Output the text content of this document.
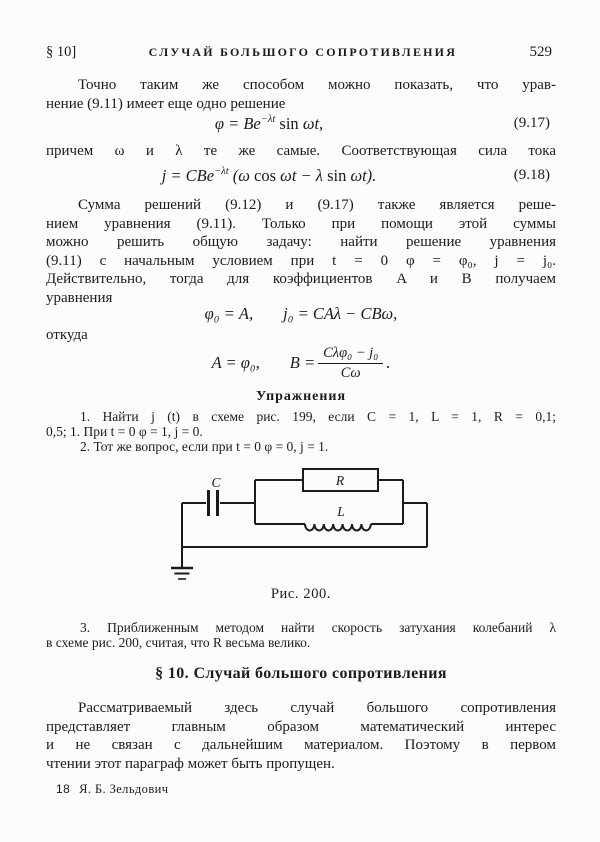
§ 10]	СЛУЧАЙ БОЛЬШОГО СОПРОТИВЛЕНИЯ	529
Точно таким же способом можно показать, что урав-
нение (9.11) имеет еще одно решение
$\varphi = Be^{-\lambda t}$ sin ωt,	(9.17)
причем ω и λ те же самые. Соответствующая сила тока
j = CBe$^{-\lambda t}$ (ω cos ωt − λ sin ωt).	(9.18)
Сумма решений (9.12) и (9.17) также является реше-
нием уравнения (9.11). Только при помощи этой суммы
можно решить общую задачу: найти решение уравнения
(9.11) с начальным условием при t = 0 φ = φ₀, j = j₀.
Действительно, тогда для коэффициентов A и B получаем
уравнения
φ₀ = A, j₀ = CAλ − CBω,
откуда
A = φ₀, $B = \frac{\text{Cλφ₀ − j₀}}{C\omega}$ .
Упражнения
1. Найти j (t) в схеме рис. 199, если C = 1, L = 1, R = 0,1;
0,5; 1. При t = 0 φ = 1, j = 0.
2. Тот же вопрос, если при t = 0 φ = 0, j = 1.
C	R
L
Рис. 200.
3. Приближенным методом найти скорость затухания колебаний λ
в схеме рис. 200, считая, что R весьма велико.
§ 10. Случай большого сопротивления
Рассматриваемый здесь случай большого сопротивления
представляет главным образом математический интерес
и не связан с дальнейшим материалом. Поэтому в первом
чтении этот параграф может быть пропущен.
18 Я. Б. Зельдович
